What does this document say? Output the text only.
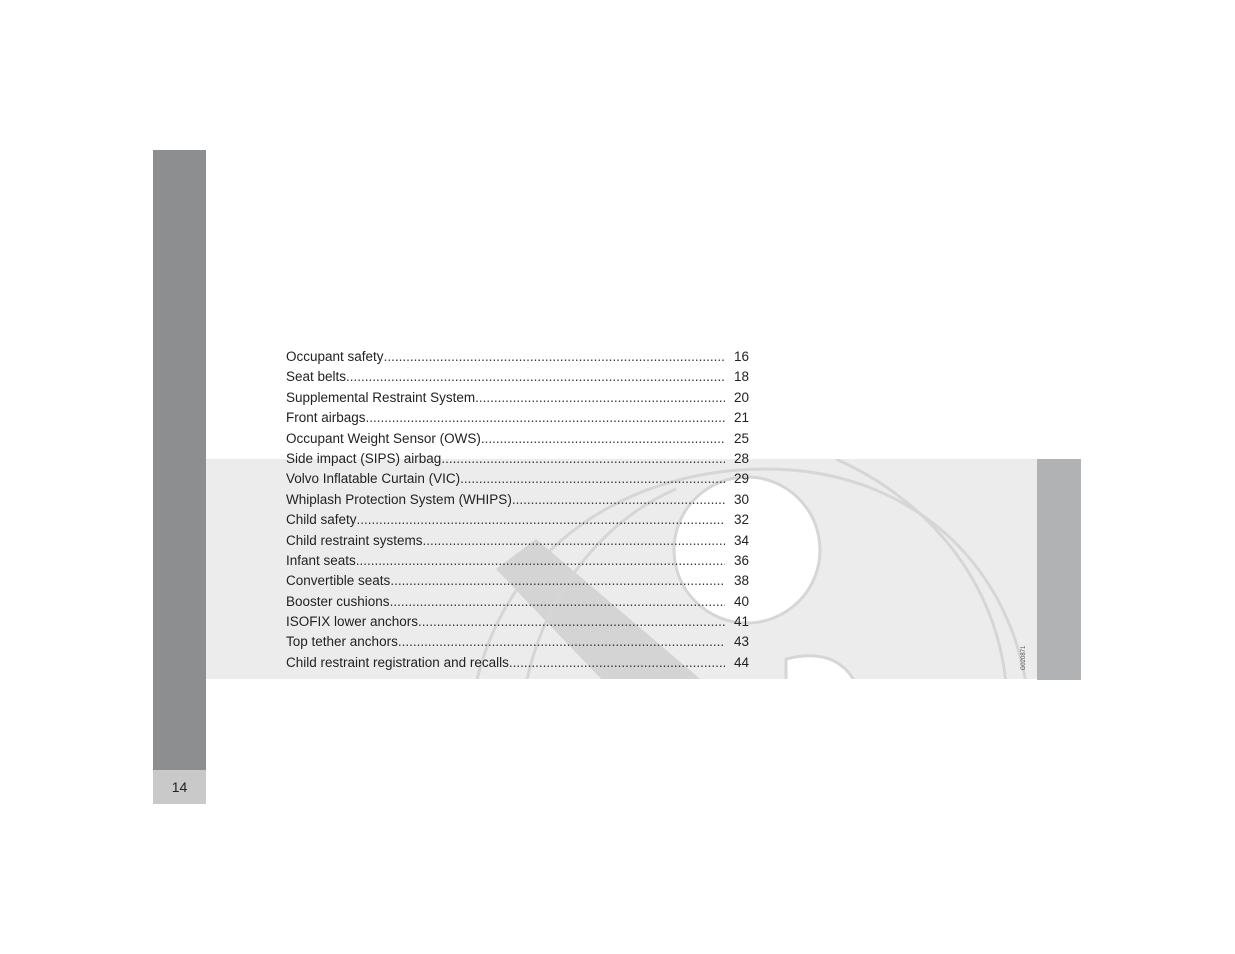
14
G020871
Occupant safety .....	16
Seat belts .....	18
Supplemental Restraint System .....	20
Front airbags .....	21
Occupant Weight Sensor (OWS) .....	25
Side impact (SIPS) airbag .....	28
Volvo Inflatable Curtain (VIC) .....	29
Whiplash Protection System (WHIPS) .....	30
Child safety .....	32
Child restraint systems .....	34
Infant seats .....	36
Convertible seats .....	38
Booster cushions .....	40
ISOFIX lower anchors .....	41
Top tether anchors .....	43
Child restraint registration and recalls .....	44
